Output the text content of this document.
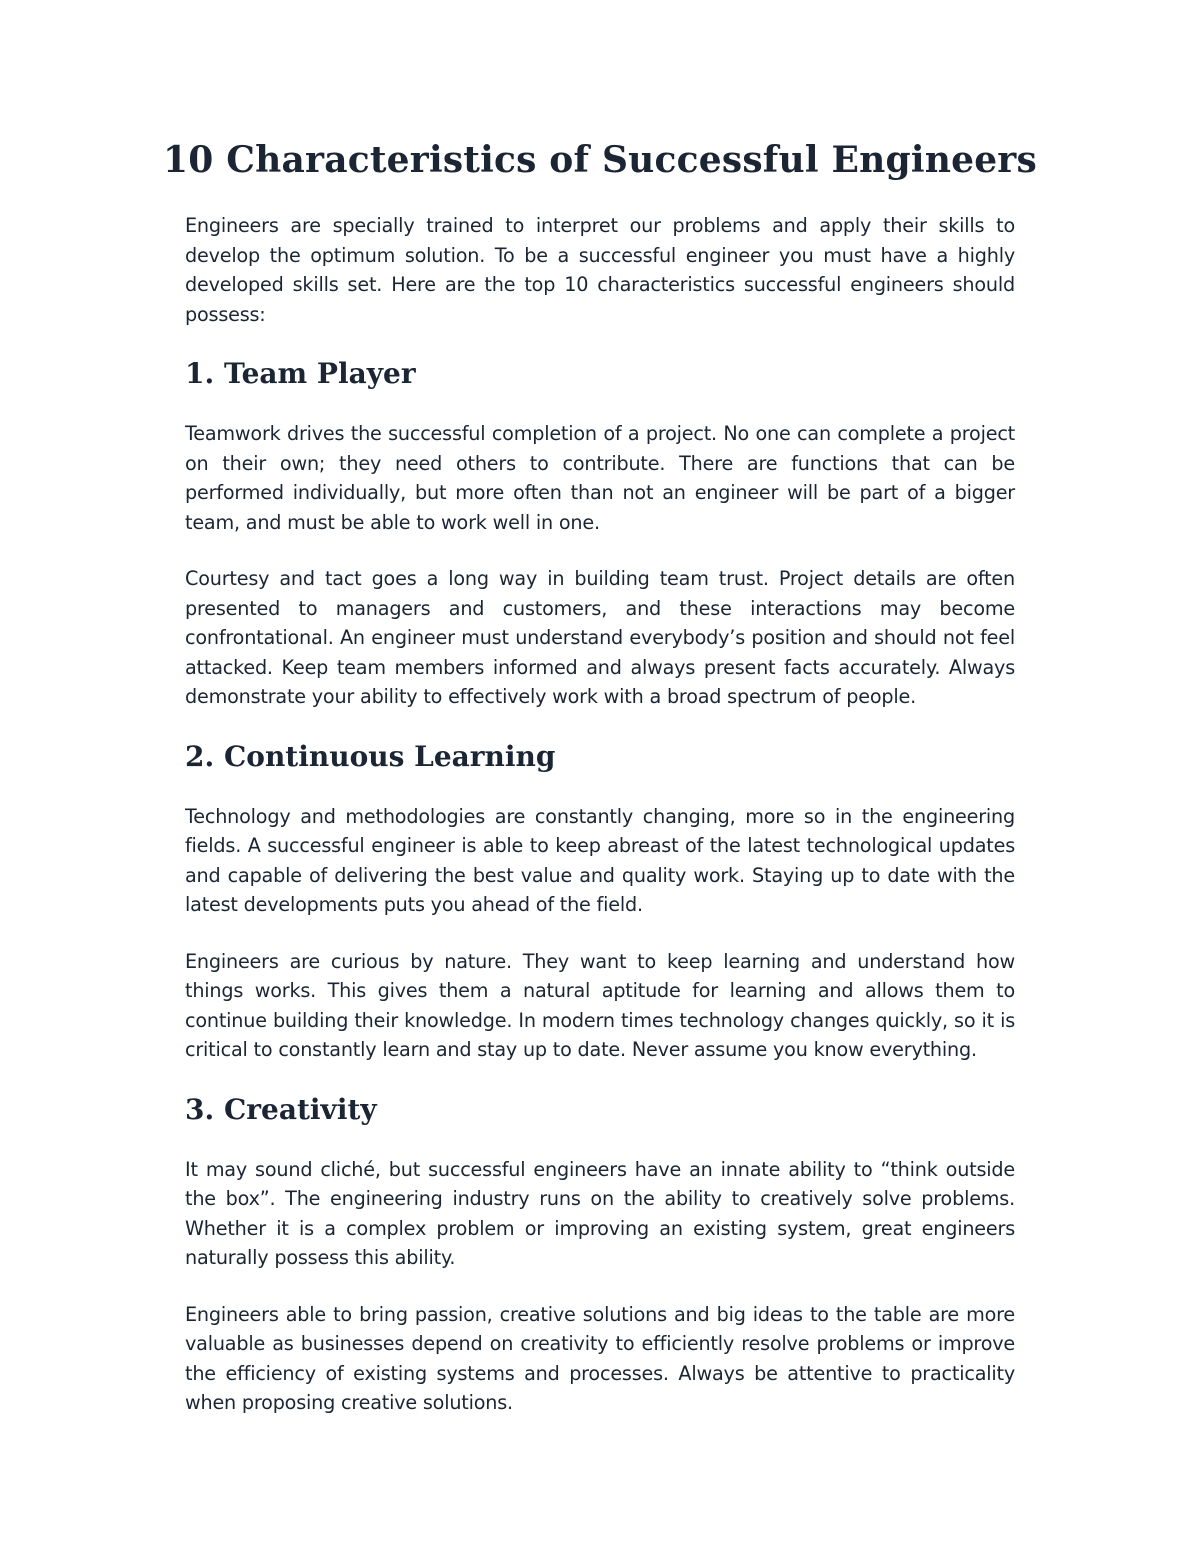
10 Characteristics of Successful Engineers

Engineers are specially trained to interpret our problems and apply their skills to develop the optimum solution. To be a successful engineer you must have a highly developed skills set. Here are the top 10 characteristics successful engineers should possess:

1. Team Player

Teamwork drives the successful completion of a project. No one can complete a project on their own; they need others to contribute. There are functions that can be performed individually, but more often than not an engineer will be part of a bigger team, and must be able to work well in one.

Courtesy and tact goes a long way in building team trust. Project details are often presented to managers and customers, and these interactions may become confrontational. An engineer must understand everybody’s position and should not feel attacked. Keep team members informed and always present facts accurately. Always demonstrate your ability to effectively work with a broad spectrum of people.

2. Continuous Learning

Technology and methodologies are constantly changing, more so in the engineering fields. A successful engineer is able to keep abreast of the latest technological updates and capable of delivering the best value and quality work. Staying up to date with the latest developments puts you ahead of the field.

Engineers are curious by nature. They want to keep learning and understand how things works. This gives them a natural aptitude for learning and allows them to continue building their knowledge. In modern times technology changes quickly, so it is critical to constantly learn and stay up to date. Never assume you know everything.

3. Creativity

It may sound cliché, but successful engineers have an innate ability to “think outside the box”. The engineering industry runs on the ability to creatively solve problems. Whether it is a complex problem or improving an existing system, great engineers naturally possess this ability.

Engineers able to bring passion, creative solutions and big ideas to the table are more valuable as businesses depend on creativity to efficiently resolve problems or improve the efficiency of existing systems and processes. Always be attentive to practicality when proposing creative solutions.
